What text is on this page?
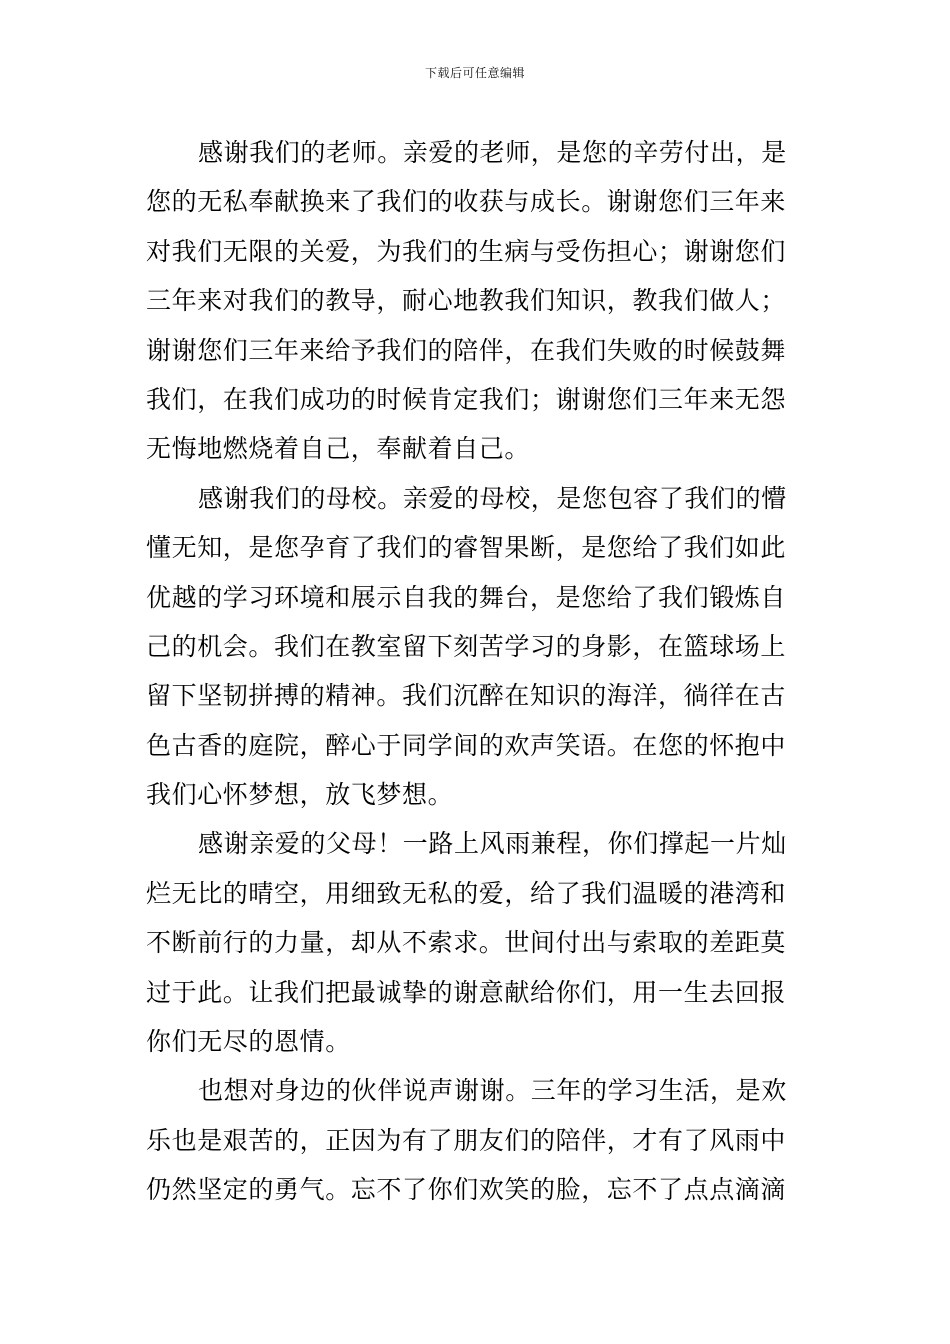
下载后可任意编辑
感谢我们的老师。亲爱的老师，是您的辛劳付出，是
您的无私奉献换来了我们的收获与成长。谢谢您们三年来
对我们无限的关爱，为我们的生病与受伤担心；谢谢您们
三年来对我们的教导，耐心地教我们知识，教我们做人；
谢谢您们三年来给予我们的陪伴，在我们失败的时候鼓舞
我们，在我们成功的时候肯定我们；谢谢您们三年来无怨
无悔地燃烧着自己，奉献着自己。
感谢我们的母校。亲爱的母校，是您包容了我们的懵
懂无知，是您孕育了我们的睿智果断，是您给了我们如此
优越的学习环境和展示自我的舞台，是您给了我们锻炼自
己的机会。我们在教室留下刻苦学习的身影，在篮球场上
留下坚韧拼搏的精神。我们沉醉在知识的海洋，徜徉在古
色古香的庭院，醉心于同学间的欢声笑语。在您的怀抱中
我们心怀梦想，放飞梦想。
感谢亲爱的父母！一路上风雨兼程，你们撑起一片灿
烂无比的晴空，用细致无私的爱，给了我们温暖的港湾和
不断前行的力量，却从不索求。世间付出与索取的差距莫
过于此。让我们把最诚挚的谢意献给你们，用一生去回报
你们无尽的恩情。
也想对身边的伙伴说声谢谢。三年的学习生活，是欢
乐也是艰苦的，正因为有了朋友们的陪伴，才有了风雨中
仍然坚定的勇气。忘不了你们欢笑的脸，忘不了点点滴滴
